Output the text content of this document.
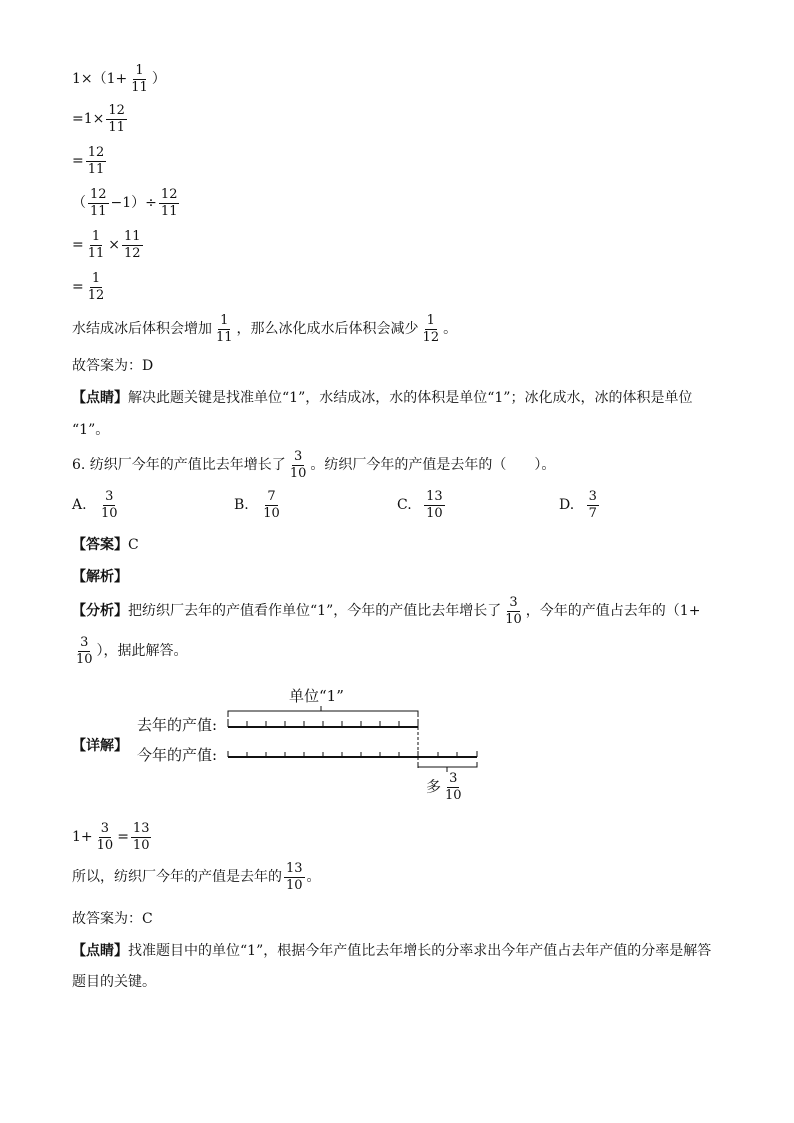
$1\times(1+ \frac{1}{11}$ ）
$=1\times \frac{12}{11}$
= $\frac{12}{11}$
（ $\frac{12}{11} -1)\div \frac{12}{11}$
= $\frac{1}{11} \times \frac{11}{12}$
= $\frac{1}{12}$
水结成冰后体积会增加 $\frac{1}{11}$ ，那么冰化成水后体积会减少 $\frac{1}{12}$ 。
故答案为：D
【点睛】解决此题关键是找准单位“1”，水结成冰，水的体积是单位“1”；冰化成水，冰的体积是单位
“1”。
6. 纺织厂今年的产值比去年增长了 $\frac{3}{10}$ 。纺织厂今年的产值是去年的（　　）。
A. $\frac{3}{10}$	B. $\frac{7}{10}$	C. $\frac{13}{10}$	D. $\frac{3}{7}$
【答案】C
【解析】
【分析】把纺织厂去年的产值看作单位“1”，今年的产值比去年增长了 $\frac{3}{10}$ ，今年的产值占去年的（1+
$\frac{3}{10}$ ），据此解答。
【详解】
单位“1”
去年的产值:
今年的产值:
多 $\frac{3}{10}$
$1+ \frac{3}{10} = \frac{13}{10}$
所以，纺织厂今年的产值是去年的 $\frac{13}{10}$ 。
故答案为：C
【点睛】找准题目中的单位“1”，根据今年产值比去年增长的分率求出今年产值占去年产值的分率是解答
题目的关键。
